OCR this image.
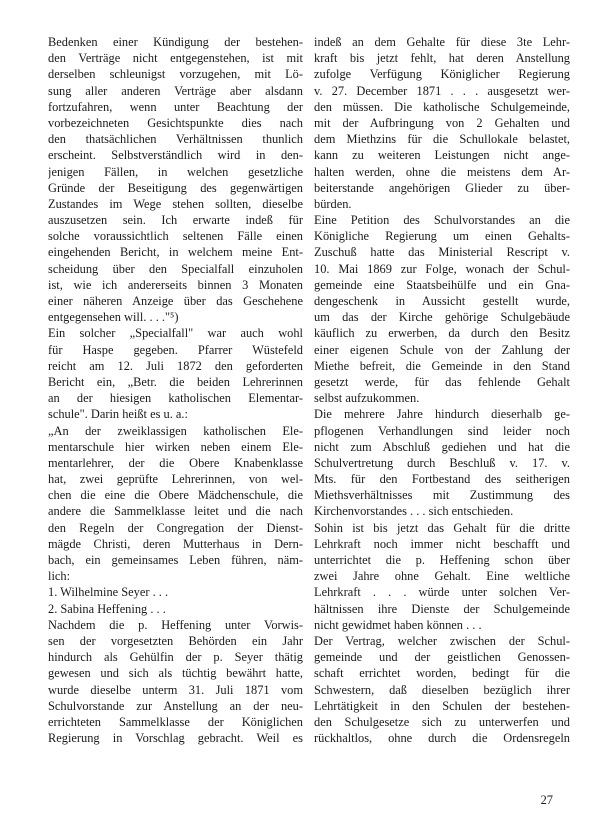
Bedenken einer Kündigung der bestehen-
den Verträge nicht entgegenstehen, ist mit
derselben schleunigst vorzugehen, mit Lö-
sung aller anderen Verträge aber alsdann
fortzufahren, wenn unter Beachtung der
vorbezeichneten Gesichtspunkte dies nach
den thatsächlichen Verhältnissen thunlich
erscheint. Selbstverständlich wird in den-
jenigen Fällen, in welchen gesetzliche
Gründe der Beseitigung des gegenwärtigen
Zustandes im Wege stehen sollten, dieselbe
auszusetzen sein. Ich erwarte indeß für
solche voraussichtlich seltenen Fälle einen
eingehenden Bericht, in welchem meine Ent-
scheidung über den Specialfall einzuholen
ist, wie ich andererseits binnen 3 Monaten
einer näheren Anzeige über das Geschehene
entgegensehen will. . . ."⁵)
Ein solcher „Specialfall" war auch wohl
für Haspe gegeben. Pfarrer Wüstefeld
reicht am 12. Juli 1872 den geforderten
Bericht ein, „Betr. die beiden Lehrerinnen
an der hiesigen katholischen Elementar-
schule". Darin heißt es u. a.:
„An der zweiklassigen katholischen Ele-
mentarschule hier wirken neben einem Ele-
mentarlehrer, der die Obere Knabenklasse
hat, zwei geprüfte Lehrerinnen, von wel-
chen die eine die Obere Mädchenschule, die
andere die Sammelklasse leitet und die nach
den Regeln der Congregation der Dienst-
mägde Christi, deren Mutterhaus in Dern-
bach, ein gemeinsames Leben führen, näm-
lich:
1. Wilhelmine Seyer . . .
2. Sabina Heffening . . .
Nachdem die p. Heffening unter Vorwis-
sen der vorgesetzten Behörden ein Jahr
hindurch als Gehülfin der p. Seyer thätig
gewesen und sich als tüchtig bewährt hatte,
wurde dieselbe unterm 31. Juli 1871 vom
Schulvorstande zur Anstellung an der neu-
errichteten Sammelklasse der Königlichen
Regierung in Vorschlag gebracht. Weil es
indeß an dem Gehalte für diese 3te Lehr-
kraft bis jetzt fehlt, hat deren Anstellung
zufolge Verfügung Königlicher Regierung
v. 27. December 1871 . . . ausgesetzt wer-
den müssen. Die katholische Schulgemeinde,
mit der Aufbringung von 2 Gehalten und
dem Miethzins für die Schullokale belastet,
kann zu weiteren Leistungen nicht ange-
halten werden, ohne die meistens dem Ar-
beiterstande angehörigen Glieder zu über-
bürden.
Eine Petition des Schulvorstandes an die
Königliche Regierung um einen Gehalts-
Zuschuß hatte das Ministerial Rescript v.
10. Mai 1869 zur Folge, wonach der Schul-
gemeinde eine Staatsbeihülfe und ein Gna-
dengeschenk in Aussicht gestellt wurde,
um das der Kirche gehörige Schulgebäude
käuflich zu erwerben, da durch den Besitz
einer eigenen Schule von der Zahlung der
Miethe befreit, die Gemeinde in den Stand
gesetzt werde, für das fehlende Gehalt
selbst aufzukommen.
Die mehrere Jahre hindurch dieserhalb ge-
pflogenen Verhandlungen sind leider noch
nicht zum Abschluß gediehen und hat die
Schulvertretung durch Beschluß v. 17. v.
Mts. für den Fortbestand des seitherigen
Miethsverhältnisses mit Zustimmung des
Kirchenvorstandes . . . sich entschieden.
Sohin ist bis jetzt das Gehalt für die dritte
Lehrkraft noch immer nicht beschafft und
unterrichtet die p. Heffening schon über
zwei Jahre ohne Gehalt. Eine weltliche
Lehrkraft . . . würde unter solchen Ver-
hältnissen ihre Dienste der Schulgemeinde
nicht gewidmet haben können . . .
Der Vertrag, welcher zwischen der Schul-
gemeinde und der geistlichen Genossen-
schaft errichtet worden, bedingt für die
Schwestern, daß dieselben bezüglich ihrer
Lehrtätigkeit in den Schulen der bestehen-
den Schulgesetze sich zu unterwerfen und
rückhaltlos, ohne durch die Ordensregeln
27
